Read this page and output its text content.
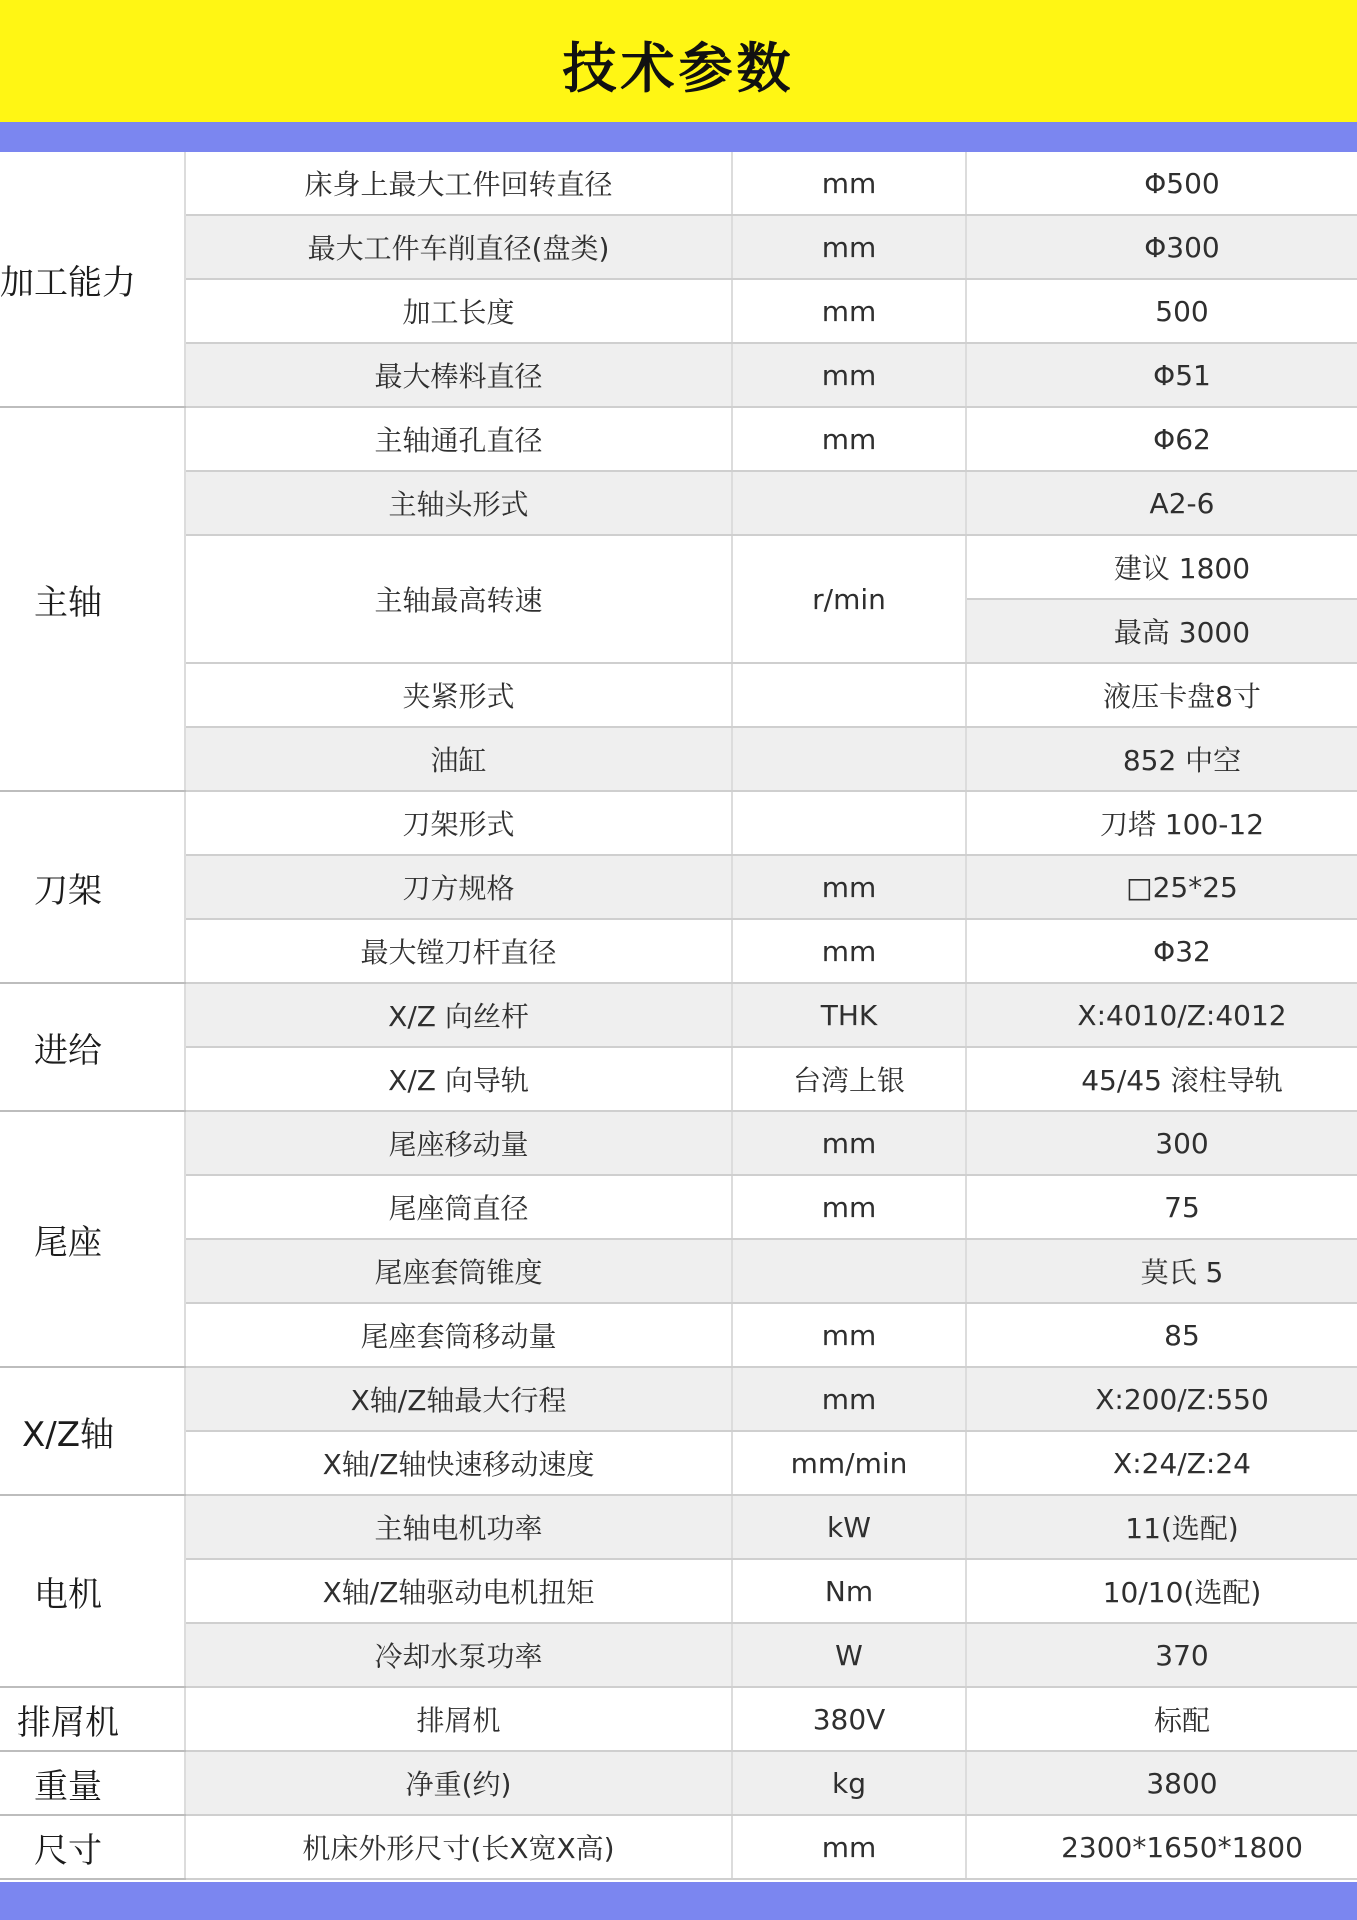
技术参数
加工能力	床身上最大工件回转直径	mm	Φ500
	最大工件车削直径(盘类)	mm	Φ300
	加工长度	mm	500
	最大棒料直径	mm	Φ51

主轴	主轴通孔直径	mm	Φ62
	主轴头形式		A2-6
	主轴最高转速	r/min	建议 1800
			最高 3000
	夹紧形式		液压卡盘8寸
	油缸		852 中空

刀架	刀架形式		刀塔 100-12
	刀方规格	mm	□25*25
	最大镗刀杆直径	mm	Φ32

进给	X/Z 向丝杆	THK	X:4010/Z:4012
	X/Z 向导轨	台湾上银	45/45 滚柱导轨

尾座	尾座移动量	mm	300
	尾座筒直径	mm	75
	尾座套筒锥度		莫氏 5
	尾座套筒移动量	mm	85

X/Z轴	X轴/Z轴最大行程	mm	X:200/Z:550
	X轴/Z轴快速移动速度	mm/min	X:24/Z:24

电机	主轴电机功率	kW	11(选配)
	X轴/Z轴驱动电机扭矩	Nm	10/10(选配)
	冷却水泵功率	W	370

排屑机	排屑机	380V	标配

重量	净重(约)	kg	3800

尺寸	机床外形尺寸(长X宽X高)	mm	2300*1650*1800
